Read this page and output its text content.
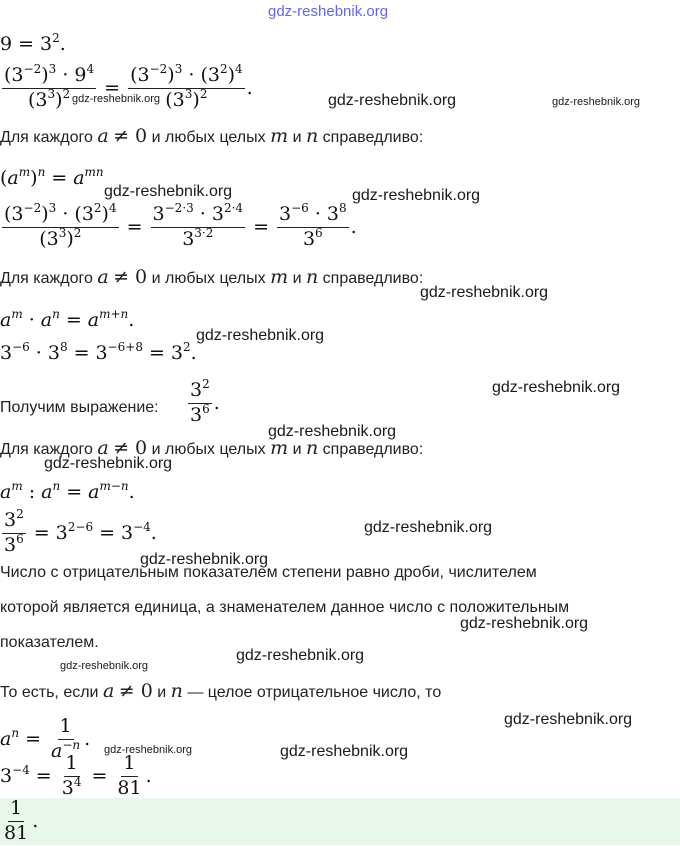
gdz-reshebnik.org
$9 = 3^2$ .
$\frac{(3^{-2})^3 \cdot 9^4}{(3^3)^2} = \frac{(3^{-2})^3 \cdot (3^2)^4}{(3^3)^2}$ .
gdz-reshebnik.org	gdz-reshebnik.org	gdz-reshebnik.org
Для каждого a ≠ 0 и любых целых m и n справедливо:
$(a^m)^n = a^{mn}$
gdz-reshebnik.org	gdz-reshebnik.org
$\frac{(3^{-2})^3 \cdot (3^2)^4}{(3^3)^2} = \frac{3^{-2\cdot 3} \cdot 3^{2\cdot 4}}{3^{3\cdot 2}} = \frac{3^{-6} \cdot 3^8}{3^6}$ .
Для каждого a ≠ 0 и любых целых m и n справедливо:
gdz-reshebnik.org
$a^m \cdot a^n = a^{m+n}$ .
gdz-reshebnik.org
$3^{-6} \cdot 3^8 = 3^{-6+8} = 3^2$ .
Получим выражение: $\frac{3^2}{3^6}$ .
gdz-reshebnik.org
gdz-reshebnik.org
Для каждого a ≠ 0 и любых целых m и n справедливо:
gdz-reshebnik.org
$a^m$ : $a^n = a^{m-n}$ .
$\frac{3^2}{3^6} = 3^{2-6} = 3^{-4}$ .	gdz-reshebnik.org
gdz-reshebnik.org
Число с отрицательным показателем степени равно дроби, числителем
которой является единица, а знаменателем данное число с положительным
показателем.
gdz-reshebnik.org
gdz-reshebnik.org
gdz-reshebnik.org
То есть, если a ≠ 0 и n — целое отрицательное число, то
$a^n = \frac{1}{a^{-n}}$ .
gdz-reshebnik.org
gdz-reshebnik.org	gdz-reshebnik.org
$3^{-4} = \frac{1}{3^4} = \frac{1}{81}$ .
$\frac{1}{81}$ .
